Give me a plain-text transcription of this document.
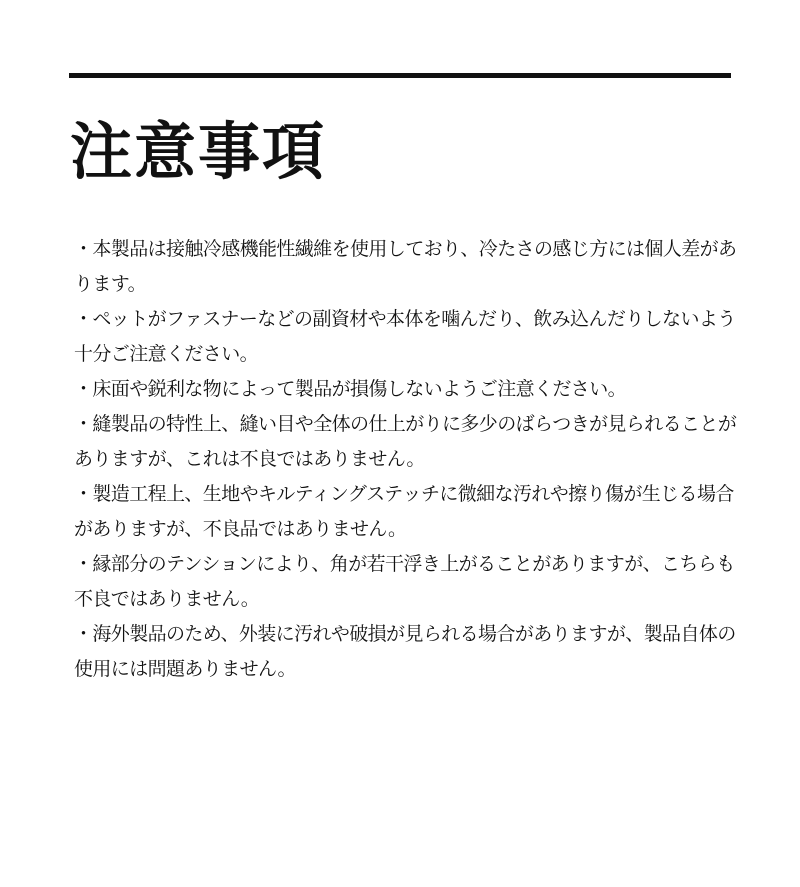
注意事項
・本製品は接触冷感機能性繊維を使用しており、冷たさの感じ方には個人差があります。
・ペットがファスナーなどの副資材や本体を噛んだり、飲み込んだりしないよう十分ご注意ください。
・床面や鋭利な物によって製品が損傷しないようご注意ください。
・縫製品の特性上、縫い目や全体の仕上がりに多少のばらつきが見られることがありますが、これは不良ではありません。
・製造工程上、生地やキルティングステッチに微細な汚れや擦り傷が生じる場合がありますが、不良品ではありません。
・縁部分のテンションにより、角が若干浮き上がることがありますが、こちらも不良ではありません。
・海外製品のため、外装に汚れや破損が見られる場合がありますが、製品自体の使用には問題ありません。
